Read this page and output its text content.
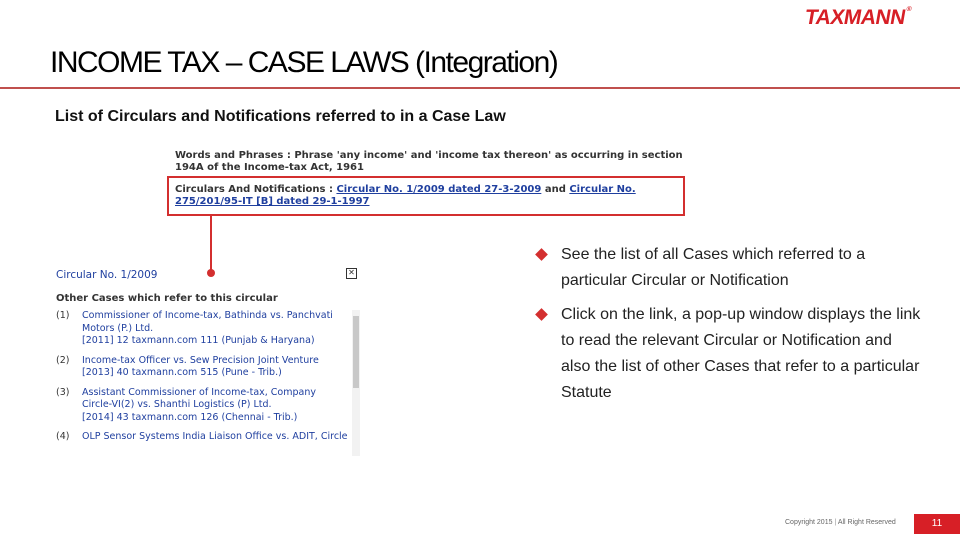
TAXMANN®
INCOME TAX – CASE LAWS (Integration)
List of Circulars and Notifications referred to in a Case Law
Words and Phrases : Phrase 'any income' and 'income tax thereon' as occurring in section 194A of the Income-tax Act, 1961
Circulars And Notifications : Circular No. 1/2009 dated 27-3-2009 and Circular No. 275/201/95-IT [B] dated 29-1-1997
Circular No. 1/2009	✕
Other Cases which refer to this circular
(1)	Commissioner of Income-tax, Bathinda vs. Panchvati Motors (P.) Ltd.
[2011] 12 taxmann.com 111 (Punjab & Haryana)
(2)	Income-tax Officer vs. Sew Precision Joint Venture
[2013] 40 taxmann.com 515 (Pune - Trib.)
(3)	Assistant Commissioner of Income-tax, Company Circle-VI(2) vs. Shanthi Logistics (P) Ltd.
[2014] 43 taxmann.com 126 (Chennai - Trib.)
(4)	OLP Sensor Systems India Liaison Office vs. ADIT, Circle
See the list of all Cases which referred to a particular Circular or Notification
Click on the link, a pop-up window displays the link to read the relevant Circular or Notification and also the list of other Cases that refer to a particular Statute
Copyright 2015 | All Right Reserved	11
